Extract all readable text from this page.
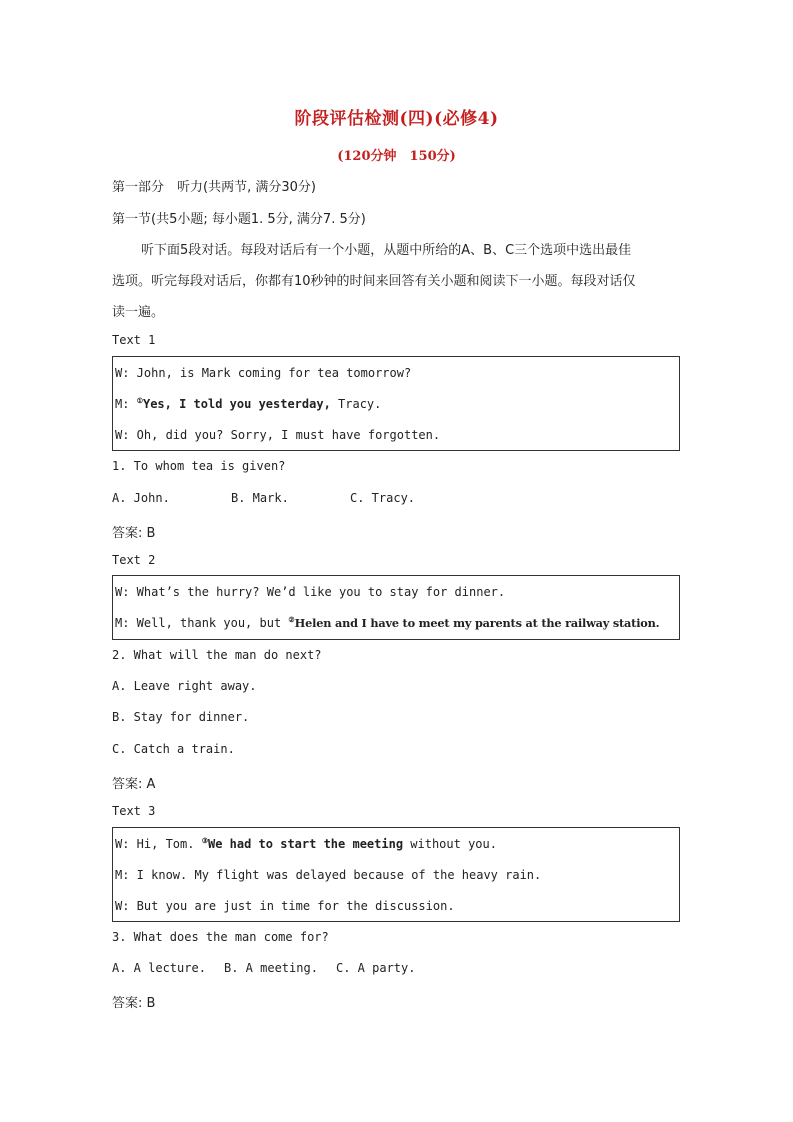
阶段评估检测(四)(必修4)
(120分钟　150分)
第一部分　听力(共两节, 满分30分)
第一节(共5小题; 每小题1. 5分, 满分7. 5分)
听下面5段对话。每段对话后有一个小题，从题中所给的A、B、C三个选项中选出最佳
选项。听完每段对话后，你都有10秒钟的时间来回答有关小题和阅读下一小题。每段对话仅
读一遍。
Text 1
W: John, is Mark coming for tea tomorrow?
M: ①Yes, I told you yesterday, Tracy.
W: Oh, did you? Sorry, I must have forgotten.
1. To whom tea is given?
A. John.	B. Mark.	C. Tracy.
答案: B
Text 2
W: What’s the hurry? We’d like you to stay for dinner.
M: Well, thank you, but ②Helen and I have to meet my parents at the railway station.
2. What will the man do next?
A. Leave right away.
B. Stay for dinner.
C. Catch a train.
答案: A
Text 3
W: Hi, Tom. ③We had to start the meeting without you.
M: I know. My flight was delayed because of the heavy rain.
W: But you are just in time for the discussion.
3. What does the man come for?
A. A lecture. B. A meeting. C. A party.
答案: B
